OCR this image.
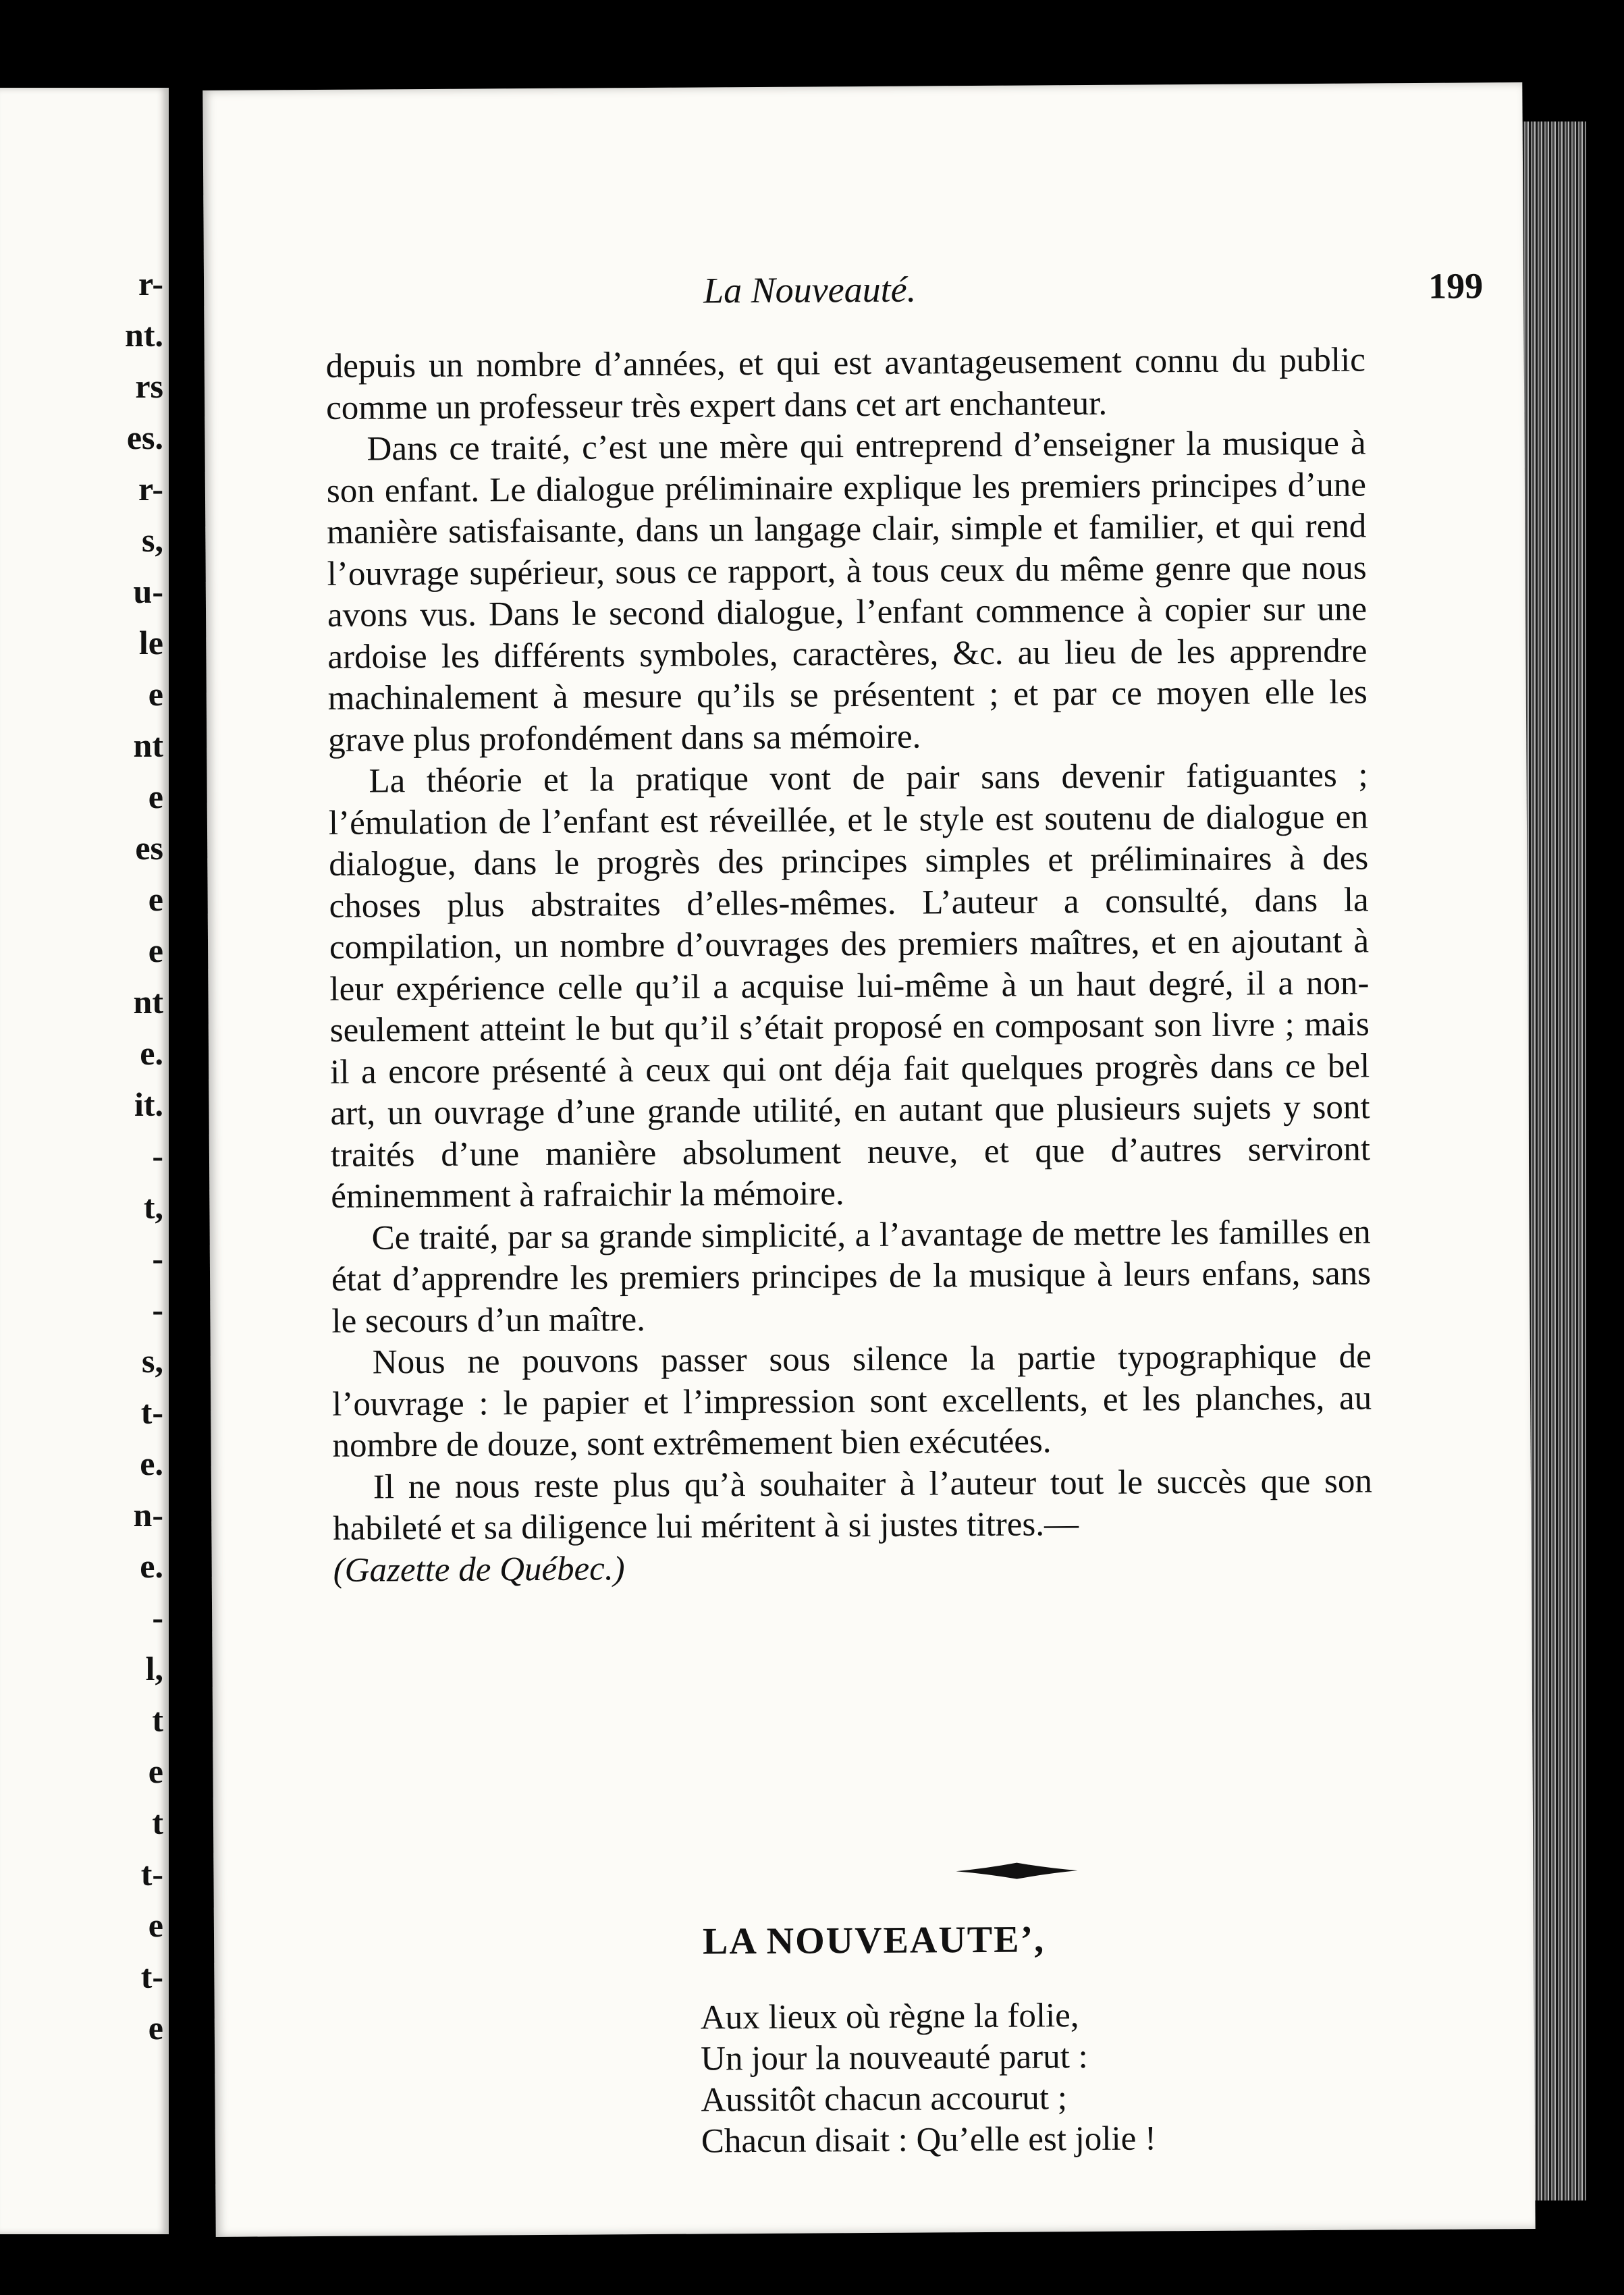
r-
nt.
rs
es.
r-
s,
u-
le
e
nt
e
es
e
e
nt
e.
it.
-
t,
-
-
s,
t-
e.
n-
e.
-
l,
t
e
t
t-
e
t-
e
La Nouveauté.	199

depuis un nombre d’années, et qui est avantageusement connu du public comme un professeur très expert dans cet art enchanteur.

Dans ce traité, c’est une mère qui entreprend d’enseigner la musique à son enfant. Le dialogue préliminaire explique les premiers principes d’une manière satisfaisante, dans un langage clair, simple et familier, et qui rend l’ouvrage supérieur, sous ce rapport, à tous ceux du même genre que nous avons vus. Dans le second dialogue, l’enfant commence à copier sur une ardoise les différents symboles, caractères, &c. au lieu de les apprendre machinalement à mesure qu’ils se présentent ; et par ce moyen elle les grave plus profondément dans sa mémoire.

La théorie et la pratique vont de pair sans devenir fatiguantes ; l’émulation de l’enfant est réveillée, et le style est soutenu de dialogue en dialogue, dans le progrès des principes simples et préliminaires à des choses plus abstraites d’elles-mêmes. L’auteur a consulté, dans la compilation, un nombre d’ouvrages des premiers maîtres, et en ajoutant à leur expérience celle qu’il a acquise lui-même à un haut degré, il a non-seulement atteint le but qu’il s’était proposé en composant son livre ; mais il a encore présenté à ceux qui ont déja fait quelques progrès dans ce bel art, un ouvrage d’une grande utilité, en autant que plusieurs sujets y sont traités d’une manière absolument neuve, et que d’autres serviront éminemment à rafraichir la mémoire.

Ce traité, par sa grande simplicité, a l’avantage de mettre les familles en état d’apprendre les premiers principes de la musique à leurs enfans, sans le secours d’un maître.

Nous ne pouvons passer sous silence la partie typographique de l’ouvrage : le papier et l’impression sont excellents, et les planches, au nombre de douze, sont extrêmement bien exécutées.

Il ne nous reste plus qu’à souhaiter à l’auteur tout le succès que son habileté et sa diligence lui méritent à si justes titres.—

(Gazette de Québec.)
LA NOUVEAUTE’,
Aux lieux où règne la folie,
Un jour la nouveauté parut :
Aussitôt chacun accourut ;
Chacun disait : Qu’elle est jolie !
